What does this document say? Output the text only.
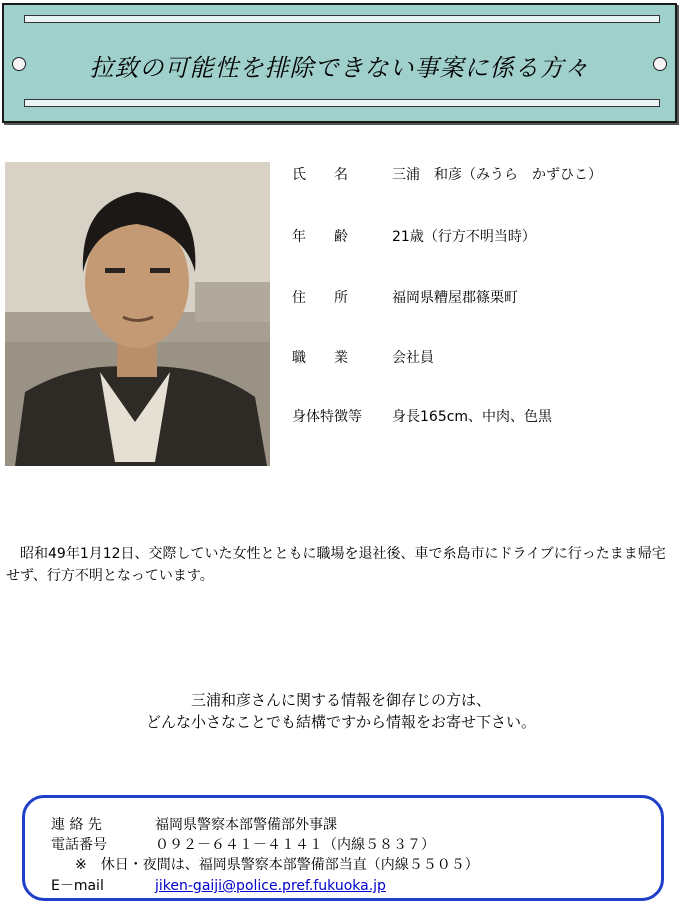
拉致の可能性を排除できない事案に係る方々
氏　　名	三浦　和彦（みうら　かずひこ）
年　　齢	21歳（行方不明当時）
住　　所	福岡県糟屋郡篠栗町
職　　業	会社員
身体特徴等 身長165cm、中肉、色黒
昭和49年1月12日、交際していた女性とともに職場を退社後、車で糸島市にドライブに行ったまま帰宅せず、行方不明となっています。
三浦和彦さんに関する情報を御存じの方は、
どんな小さなことでも結構ですから情報をお寄せ下さい。
連 絡 先	福岡県警察本部警備部外事課
電話番号	０９２－６４１－４１４１（内線５８３７）
※　休日・夜間は、福岡県警察本部警備部当直（内線５５０５）
E－mail	jiken-gaiji@police.pref.fukuoka.jp
